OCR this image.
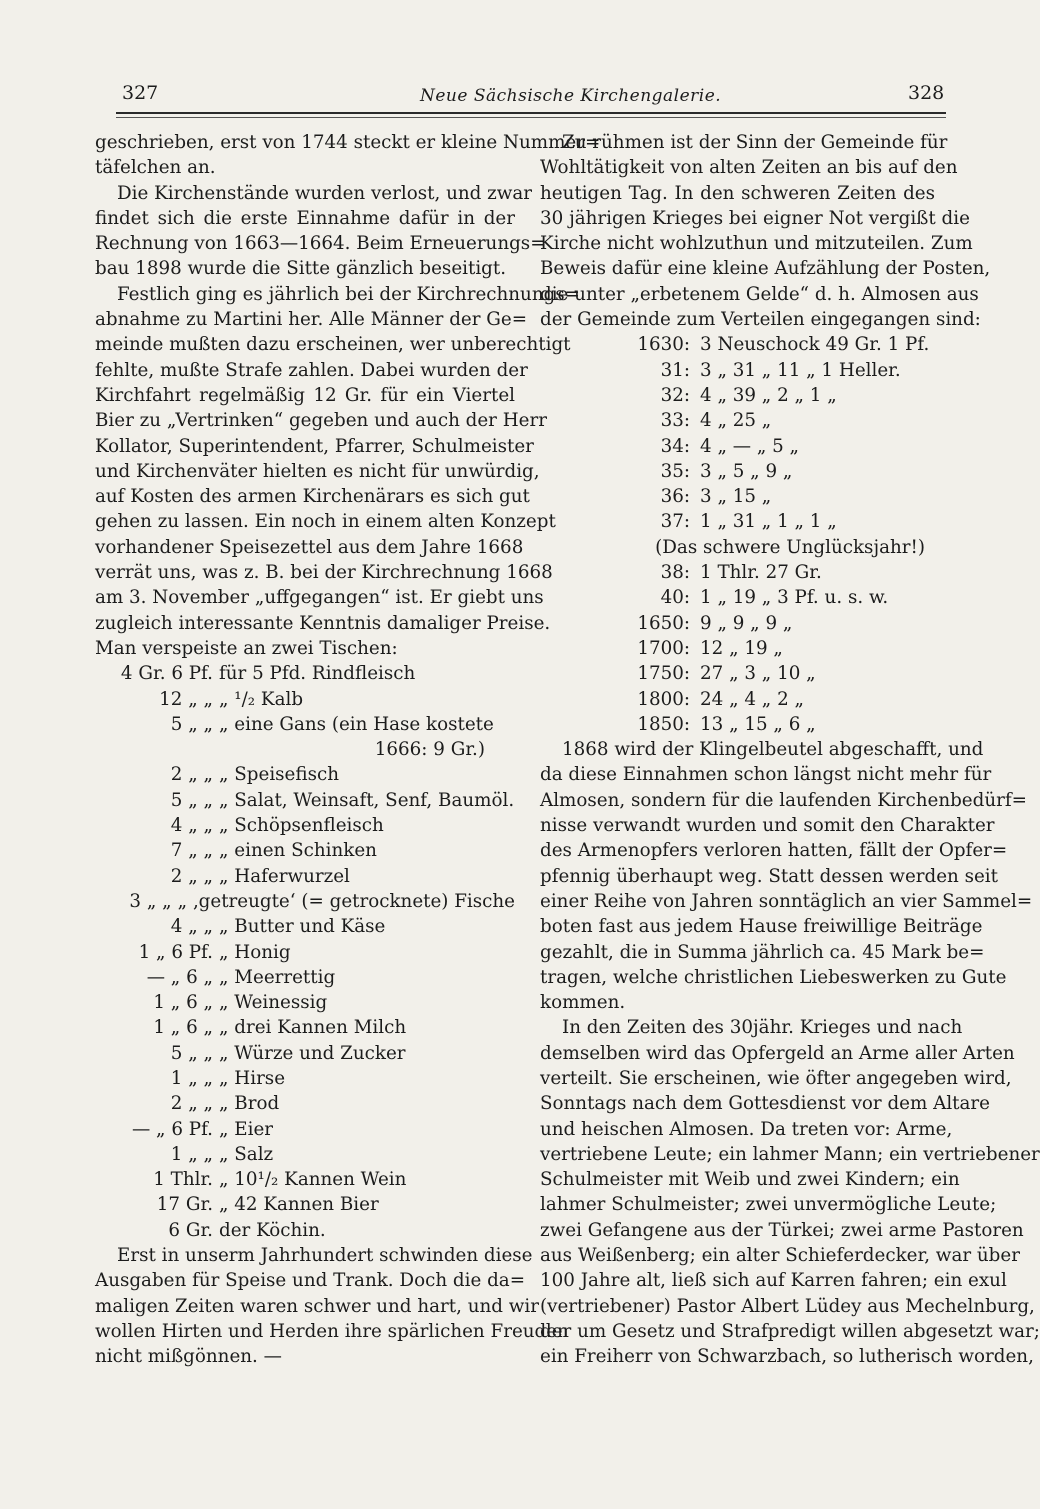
327	Neue Sächsische Kirchengalerie.	328
geschrieben, erst von 1744 steckt er kleine Nummer=
täfelchen an.
Die Kirchenstände wurden verlost, und zwar
findet sich die erste Einnahme dafür in der
Rechnung von 1663—1664. Beim Erneuerungs=
bau 1898 wurde die Sitte gänzlich beseitigt.
Festlich ging es jährlich bei der Kirchrechnungs=
abnahme zu Martini her. Alle Männer der Ge=
meinde mußten dazu erscheinen, wer unberechtigt
fehlte, mußte Strafe zahlen. Dabei wurden der
Kirchfahrt regelmäßig 12 Gr. für ein Viertel
Bier zu „Vertrinken“ gegeben und auch der Herr
Kollator, Superintendent, Pfarrer, Schulmeister
und Kirchenväter hielten es nicht für unwürdig,
auf Kosten des armen Kirchenärars es sich gut
gehen zu lassen. Ein noch in einem alten Konzept
vorhandener Speisezettel aus dem Jahre 1668
verrät uns, was z. B. bei der Kirchrechnung 1668
am 3. November „uffgegangen“ ist. Er giebt uns
zugleich interessante Kenntnis damaliger Preise.
Man verspeiste an zwei Tischen:
4 Gr. 6 Pf. für 5 Pfd. Rindfleisch
12 „ „ „ ¹/₂ Kalb
5 „ „ „ eine Gans (ein Hase kostete
1666: 9 Gr.)
2 „ „ „ Speisefisch
5 „ „ „ Salat, Weinsaft, Senf, Baumöl.
4 „ „ „ Schöpsenfleisch
7 „ „ „ einen Schinken
2 „ „ „ Haferwurzel
3 „ „ „ ‚getreugte‘ (= getrocknete) Fische
4 „ „ „ Butter und Käse
1 „ 6 Pf. „ Honig
— „ 6 „ „ Meerrettig
1 „ 6 „ „ Weinessig
1 „ 6 „ „ drei Kannen Milch
5 „ „ „ Würze und Zucker
1 „ „ „ Hirse
2 „ „ „ Brod
— „ 6 Pf. „ Eier
1 „ „ „ Salz
1 Thlr. „ 10¹/₂ Kannen Wein
17 Gr. „ 42 Kannen Bier
6 Gr. der Köchin.
Erst in unserm Jahrhundert schwinden diese
Ausgaben für Speise und Trank. Doch die da=
maligen Zeiten waren schwer und hart, und wir
wollen Hirten und Herden ihre spärlichen Freuden
nicht mißgönnen. —
Zu rühmen ist der Sinn der Gemeinde für
Wohltätigkeit von alten Zeiten an bis auf den
heutigen Tag. In den schweren Zeiten des
30 jährigen Krieges bei eigner Not vergißt die
Kirche nicht wohlzuthun und mitzuteilen. Zum
Beweis dafür eine kleine Aufzählung der Posten,
die unter „erbetenem Gelde“ d. h. Almosen aus
der Gemeinde zum Verteilen eingegangen sind:
1630: 3 Neuschock 49 Gr. 1 Pf.
31: 3 „ 31 „ 11 „ 1 Heller.
32: 4 „ 39 „ 2 „ 1 „
33: 4 „ 25 „
34: 4 „ — „ 5 „
35: 3 „ 5 „ 9 „
36: 3 „ 15 „
37: 1 „ 31 „ 1 „ 1 „
(Das schwere Unglücksjahr!)
38: 1 Thlr. 27 Gr.
40: 1 „ 19 „ 3 Pf. u. s. w.
1650: 9 „ 9 „ 9 „
1700: 12 „ 19 „
1750: 27 „ 3 „ 10 „
1800: 24 „ 4 „ 2 „
1850: 13 „ 15 „ 6 „
1868 wird der Klingelbeutel abgeschafft, und
da diese Einnahmen schon längst nicht mehr für
Almosen, sondern für die laufenden Kirchenbedürf=
nisse verwandt wurden und somit den Charakter
des Armenopfers verloren hatten, fällt der Opfer=
pfennig überhaupt weg. Statt dessen werden seit
einer Reihe von Jahren sonntäglich an vier Sammel=
boten fast aus jedem Hause freiwillige Beiträge
gezahlt, die in Summa jährlich ca. 45 Mark be=
tragen, welche christlichen Liebeswerken zu Gute
kommen.
In den Zeiten des 30jähr. Krieges und nach
demselben wird das Opfergeld an Arme aller Arten
verteilt. Sie erscheinen, wie öfter angegeben wird,
Sonntags nach dem Gottesdienst vor dem Altare
und heischen Almosen. Da treten vor: Arme,
vertriebene Leute; ein lahmer Mann; ein vertriebener
Schulmeister mit Weib und zwei Kindern; ein
lahmer Schulmeister; zwei unvermögliche Leute;
zwei Gefangene aus der Türkei; zwei arme Pastoren
aus Weißenberg; ein alter Schieferdecker, war über
100 Jahre alt, ließ sich auf Karren fahren; ein exul
(vertriebener) Pastor Albert Lüdey aus Mechelnburg,
der um Gesetz und Strafpredigt willen abgesetzt war;
ein Freiherr von Schwarzbach, so lutherisch worden,
